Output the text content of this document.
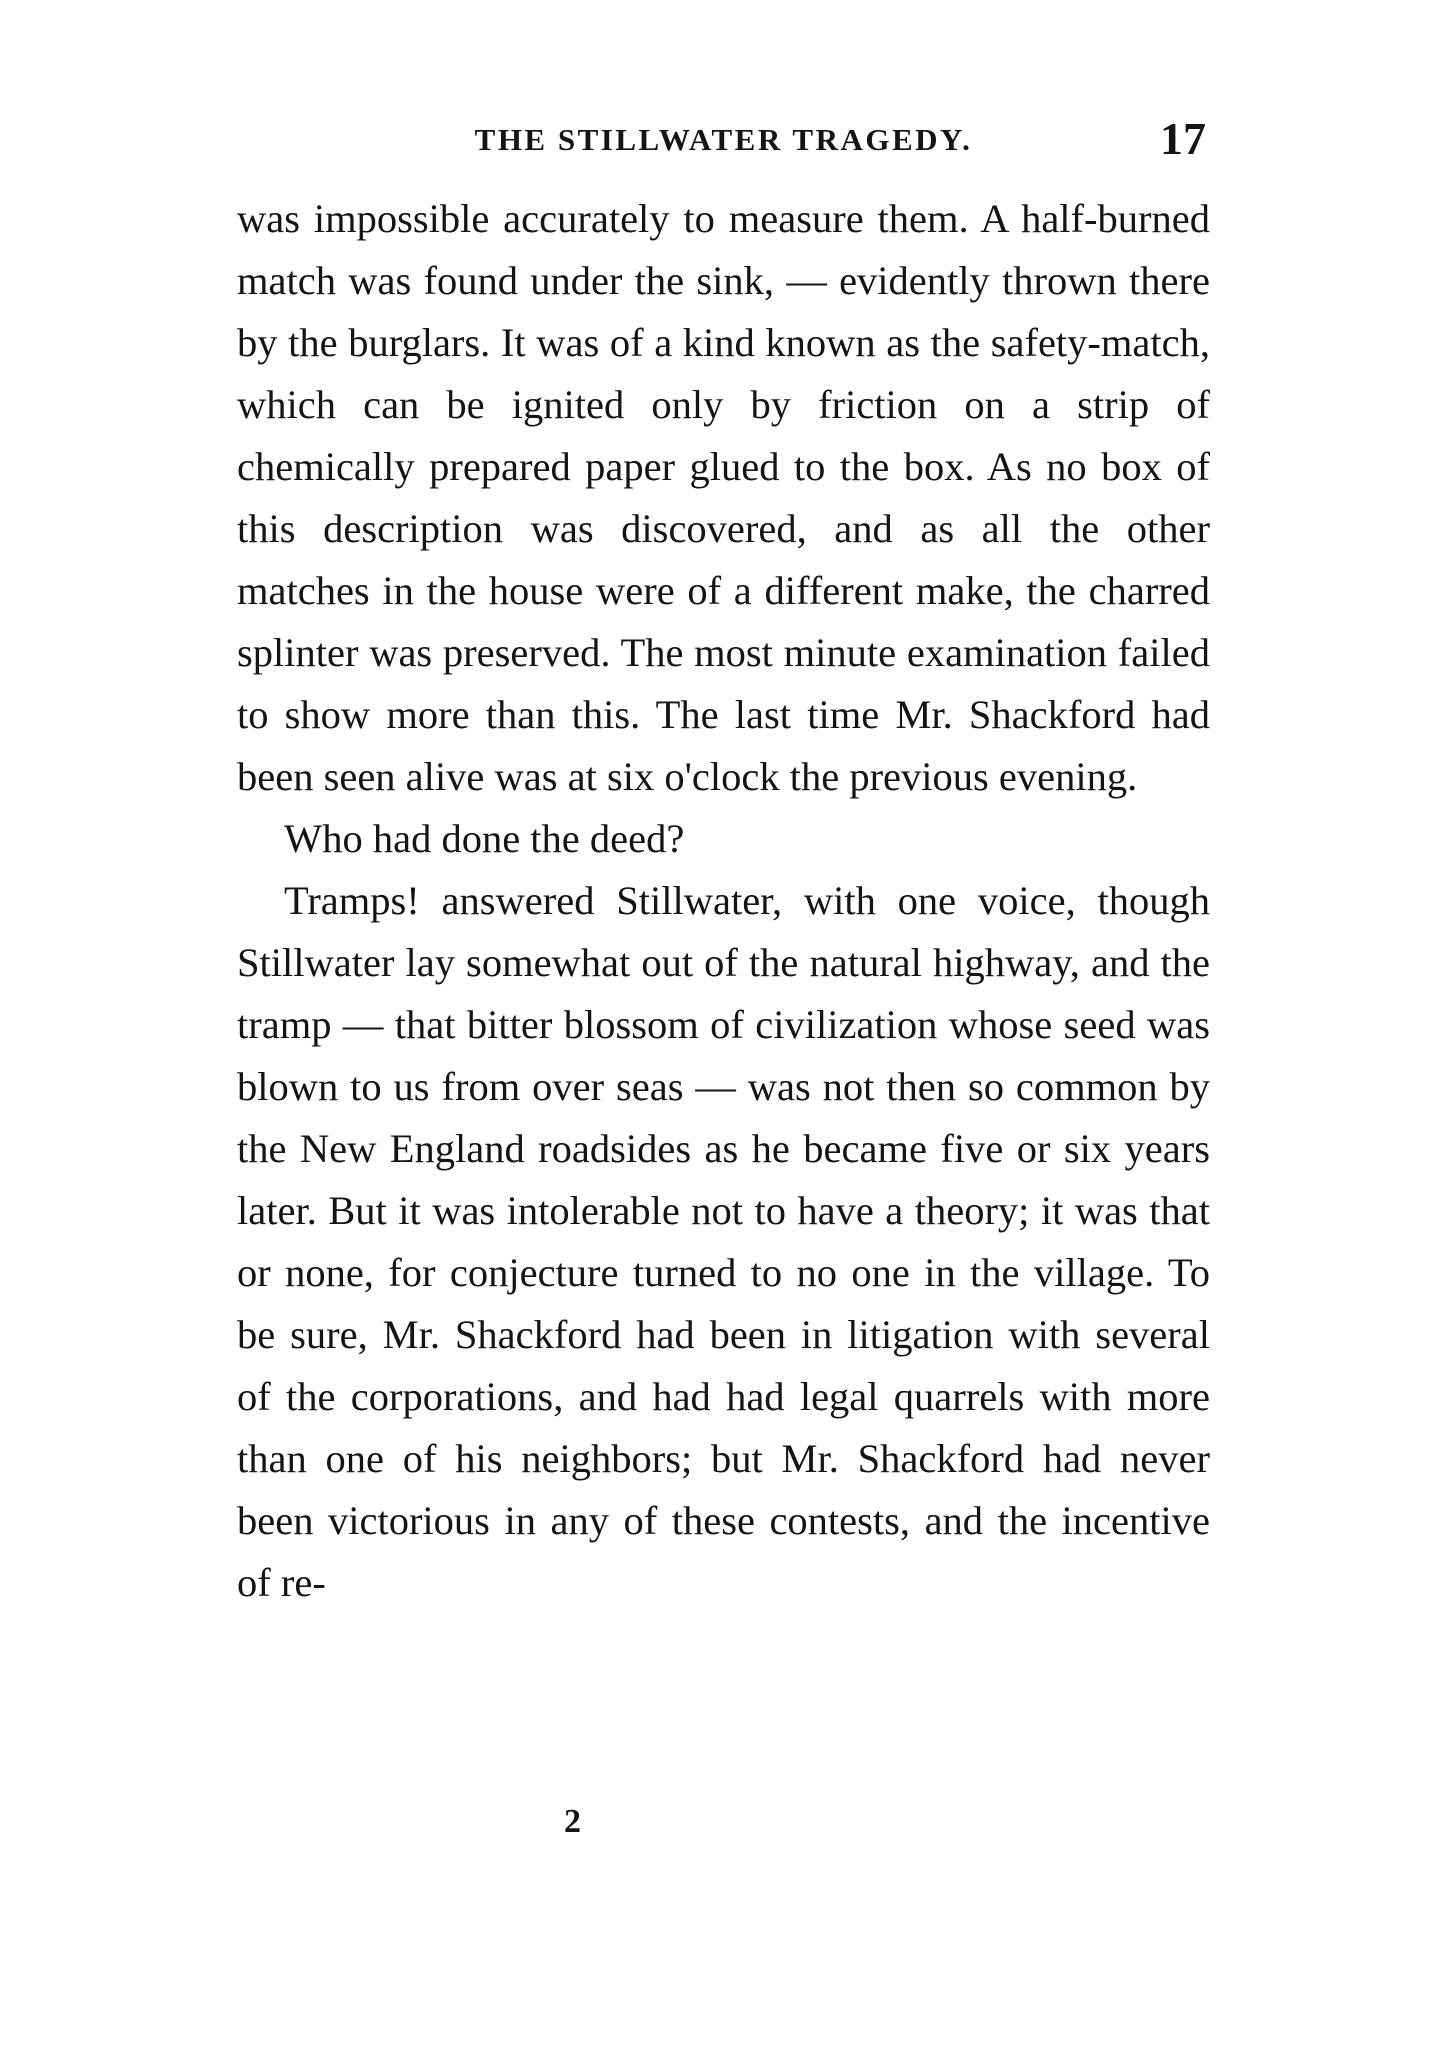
THE STILLWATER TRAGEDY.	17

was impossible accurately to measure them. A half-burned match was found under the sink, — evidently thrown there by the burglars. It was of a kind known as the safety-match, which can be ignited only by friction on a strip of chemically prepared paper glued to the box. As no box of this description was discovered, and as all the other matches in the house were of a different make, the charred splinter was preserved. The most minute examination failed to show more than this. The last time Mr. Shackford had been seen alive was at six o'clock the previous evening.

Who had done the deed?

Tramps! answered Stillwater, with one voice, though Stillwater lay somewhat out of the natural highway, and the tramp — that bitter blossom of civilization whose seed was blown to us from over seas — was not then so common by the New England roadsides as he became five or six years later. But it was intolerable not to have a theory; it was that or none, for conjecture turned to no one in the village. To be sure, Mr. Shackford had been in litigation with several of the corporations, and had had legal quarrels with more than one of his neighbors; but Mr. Shackford had never been victorious in any of these contests, and the incentive of re-

2
